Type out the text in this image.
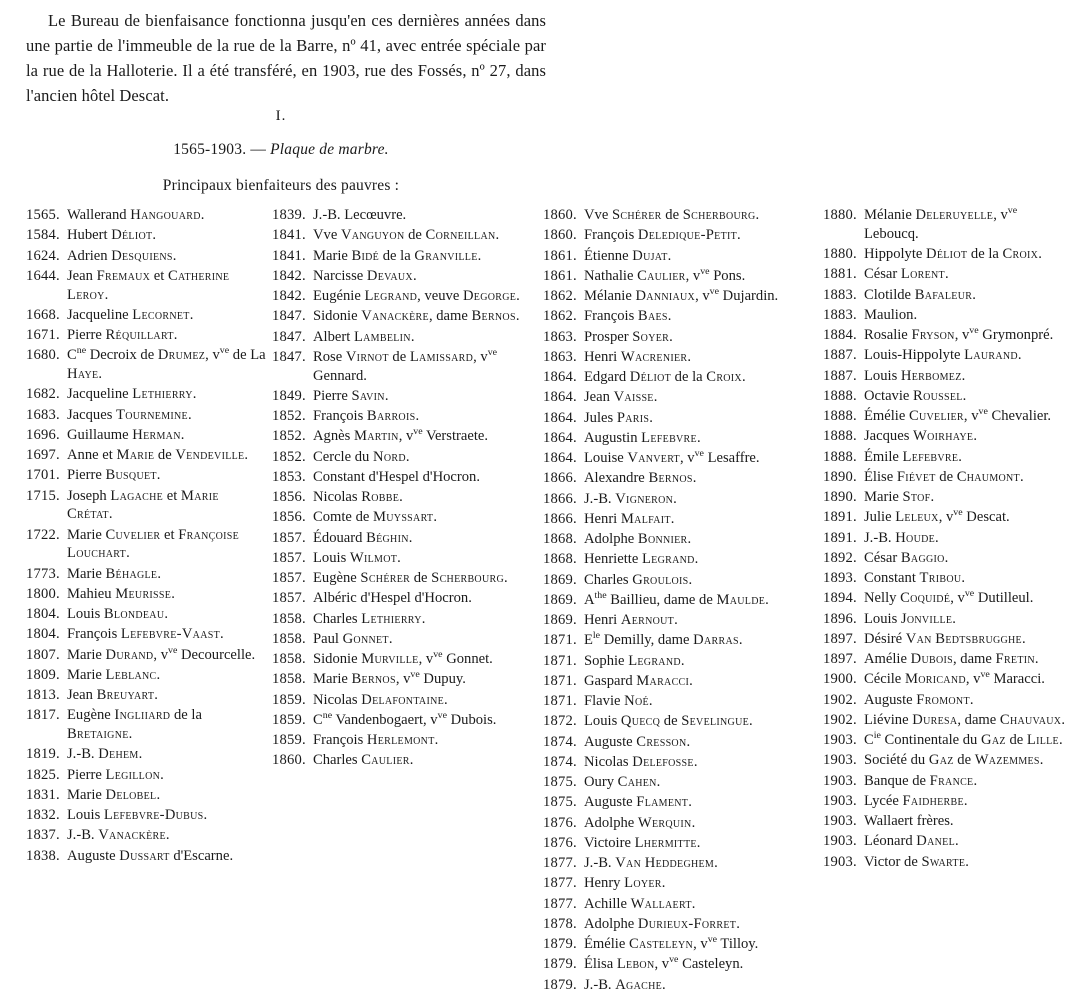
Le Bureau de bienfaisance fonctionna jusqu'en ces dernières années dans une partie de l'immeuble de la rue de la Barre, nº 41, avec entrée spéciale par la rue de la Halloterie. Il a été transféré, en 1903, rue des Fossés, nº 27, dans l'ancien hôtel Descat.

I.
1565-1903. — Plaque de marbre.
Principaux bienfaiteurs des pauvres :
1565. Wallerand Hangouard.
1584. Hubert Déliot.
1624. Adrien Desquiens.
1644. Jean Fremaux et Catherine Leroy.
1668. Jacqueline Lecornet.
1671. Pierre Réquillart.
1680. $C^{ne}$ Decroix de Drumez, $v^{ve}$ de La Haye.
1682. Jacqueline Lethierry.
1683. Jacques Tournemine.
1696. Guillaume Herman.
1697. Anne et Marie de Vendeville.
1701. Pierre Busquet.
1715. Joseph Lagache et Marie Crétat.
1722. Marie Cuvelier et Françoise Louchart.
1773. Marie Béhagle.
1800. Mahieu Meurisse.
1804. Louis Blondeau.
1804. François Lefebvre-Vaast.
1807. Marie Durand, $v^{ve}$ Decourcelle.
1809. Marie Leblanc.
1813. Jean Breuyart.
1817. Eugène Ingliiard de la Bretaigne.
1819. J.-B. Dehem.
1825. Pierre Legillon.
1831. Marie Delobel.
1832. Louis Lefebvre-Dubus.
1837. J.-B. Vanackère.
1838. Auguste Dussart d'Escarne.
1839. J.-B. Lecœuvre.
1841. Vve Vanguyon de Corneillan.
1841. Marie Bidé de la Granville.
1842. Narcisse Devaux.
1842. Eugénie Legrand, veuve Degorge.
1847. Sidonie Vanackère, dame Bernos.
1847. Albert Lambelin.
1847. Rose Virnot de Lamissard, $v^{ve}$ Gennard.
1849. Pierre Savin.
1852. François Barrois.
1852. Agnès Martin, $v^{ve}$ Verstraete.
1852. Cercle du Nord.
1853. Constant d'Hespel d'Hocron.
1856. Nicolas Robbe.
1856. Comte de Muyssart.
1857. Édouard Béghin.
1857. Louis Wilmot.
1857. Eugène Schérer de Scherbourg.
1857. Albéric d'Hespel d'Hocron.
1858. Charles Lethierry.
1858. Paul Gonnet.
1858. Sidonie Murville, $v^{ve}$ Gonnet.
1858. Marie Bernos, $v^{ve}$ Dupuy.
1859. Nicolas Delafontaine.
1859. $C^{ne}$ Vandenbogaert, $v^{ve}$ Dubois.
1859. François Herlemont.
1860. Charles Caulier.
1860. Vve Schérer de Scherbourg.
1860. François Deledique-Petit.
1861. Étienne Dujat.
1861. Nathalie Caulier, $v^{ve}$ Pons.
1862. Mélanie Danniaux, $v^{ve}$ Dujardin.
1862. François Baes.
1863. Prosper Soyer.
1863. Henri Wacrenier.
1864. Edgard Déliot de la Croix.
1864. Jean Vaisse.
1864. Jules Paris.
1864. Augustin Lefebvre.
1864. Louise Vanvert, $v^{ve}$ Lesaffre.
1866. Alexandre Bernos.
1866. J.-B. Vigneron.
1866. Henri Malfait.
1868. Adolphe Bonnier.
1868. Henriette Legrand.
1869. Charles Groulois.
1869. $A^{the}$ Baillieu, dame de Maulde.
1869. Henri Aernout.
1871. $E^{le}$ Demilly, dame Darras.
1871. Sophie Legrand.
1871. Gaspard Maracci.
1871. Flavie Noé.
1872. Louis Quecq de Sevelingue.
1874. Auguste Cresson.
1874. Nicolas Delefosse.
1875. Oury Cahen.
1875. Auguste Flament.
1876. Adolphe Werquin.
1876. Victoire Lhermitte.
1877. J.-B. Van Heddeghem.
1877. Henry Loyer.
1877. Achille Wallaert.
1878. Adolphe Durieux-Forret.
1879. Émélie Casteleyn, $v^{ve}$ Tilloy.
1879. Élisa Lebon, $v^{ve}$ Casteleyn.
1879. J.-B. Agache.
1880. Mélanie Deleruyelle, $v^{ve}$ Leboucq.
1880. Hippolyte Déliot de la Croix.
1881. César Lorent.
1883. Clotilde Bafaleur.
1883. Maulion.
1884. Rosalie Fryson, $v^{ve}$ Grymonpré.
1887. Louis-Hippolyte Laurand.
1887. Louis Herbomez.
1888. Octavie Roussel.
1888. Émélie Cuvelier, $v^{ve}$ Chevalier.
1888. Jacques Woirhaye.
1888. Émile Lefebvre.
1890. Élise Fiévet de Chaumont.
1890. Marie Stof.
1891. Julie Leleux, $v^{ve}$ Descat.
1891. J.-B. Houde.
1892. César Baggio.
1893. Constant Tribou.
1894. Nelly Coquidé, $v^{ve}$ Dutilleul.
1896. Louis Jonville.
1897. Désiré Van Bedtsbrugghe.
1897. Amélie Dubois, dame Fretin.
1900. Cécile Moricand, $v^{ve}$ Maracci.
1902. Auguste Fromont.
1902. Liévine Duresa, dame Chauvaux.
1903. $C^{ie}$ Continentale du Gaz de Lille.
1903. Société du Gaz de Wazemmes.
1903. Banque de France.
1903. Lycée Faidherbe.
1903. Wallaert frères.
1903. Léonard Danel.
1903. Victor de Swarte.
